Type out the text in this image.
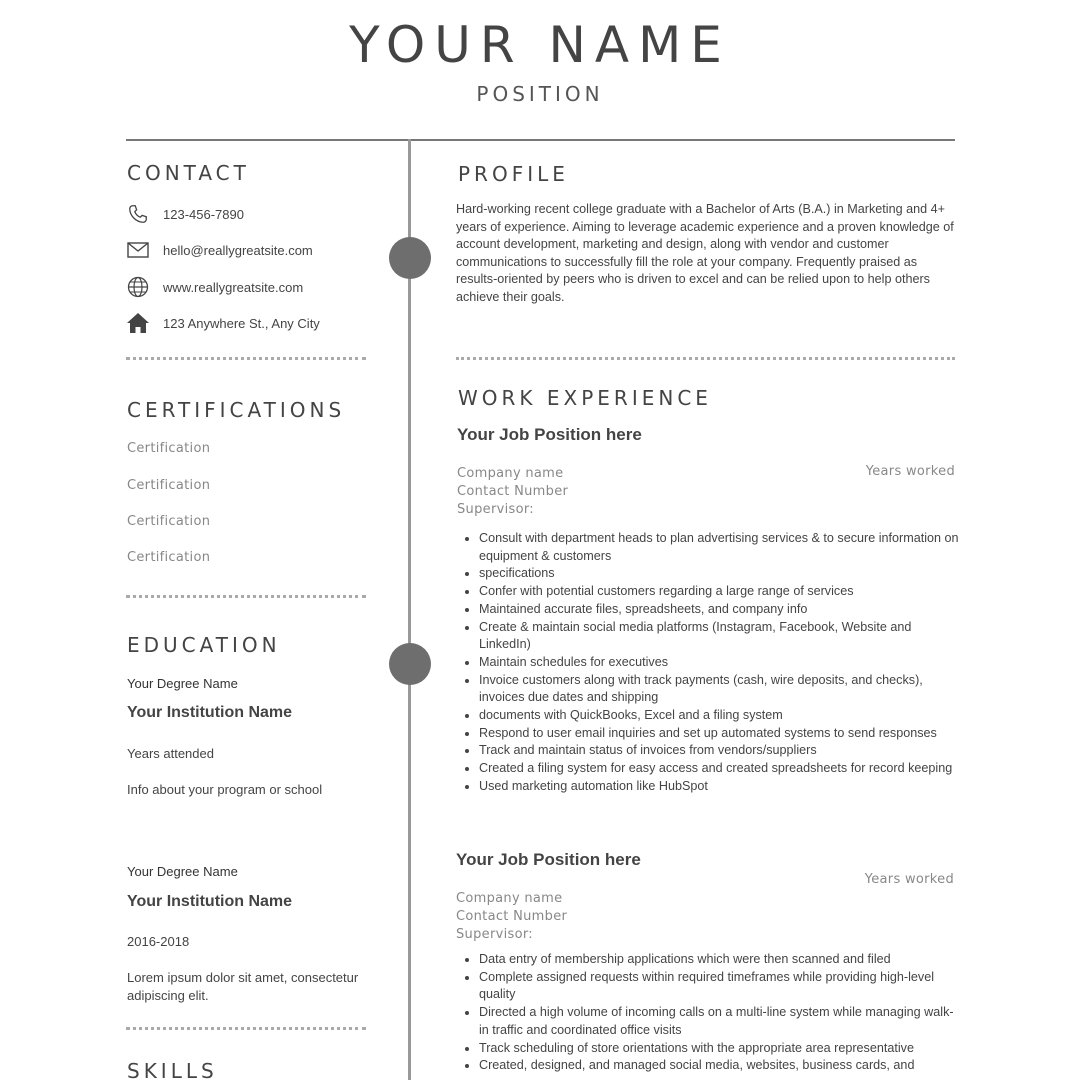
YOUR NAME
POSITION
CONTACT
123-456-7890
hello@reallygreatsite.com
www.reallygreatsite.com
123 Anywhere St., Any City
CERTIFICATIONS
Certification
Certification
Certification
Certification
EDUCATION
Your Degree Name
Your Institution Name
Years attended
Info about your program or school
Your Degree Name
Your Institution Name
2016-2018
Lorem ipsum dolor sit amet, consectetur adipiscing elit.
SKILLS
PROFILE
Hard-working recent college graduate with a Bachelor of Arts (B.A.) in Marketing and 4+ years of experience. Aiming to leverage academic experience and a proven knowledge of account development, marketing and design, along with vendor and customer communications to successfully fill the role at your company. Frequently praised as results-oriented by peers who is driven to excel and can be relied upon to help others achieve their goals.
WORK EXPERIENCE
Your Job Position here
Years worked
Company name
Contact Number
Supervisor:
• Consult with department heads to plan advertising services & to secure information on equipment & customers
• specifications
• Confer with potential customers regarding a large range of services
• Maintained accurate files, spreadsheets, and company info
• Create & maintain social media platforms (Instagram, Facebook, Website and LinkedIn)
• Maintain schedules for executives
• Invoice customers along with track payments (cash, wire deposits, and checks), invoices due dates and shipping
• documents with QuickBooks, Excel and a filing system
• Respond to user email inquiries and set up automated systems to send responses
• Track and maintain status of invoices from vendors/suppliers
• Created a filing system for easy access and created spreadsheets for record keeping
• Used marketing automation like HubSpot
Your Job Position here
Years worked
Company name
Contact Number
Supervisor:
• Data entry of membership applications which were then scanned and filed
• Complete assigned requests within required timeframes while providing high-level quality
• Directed a high volume of incoming calls on a multi-line system while managing walk-in traffic and coordinated office visits
• Track scheduling of store orientations with the appropriate area representative
• Created, designed, and managed social media, websites, business cards, and
